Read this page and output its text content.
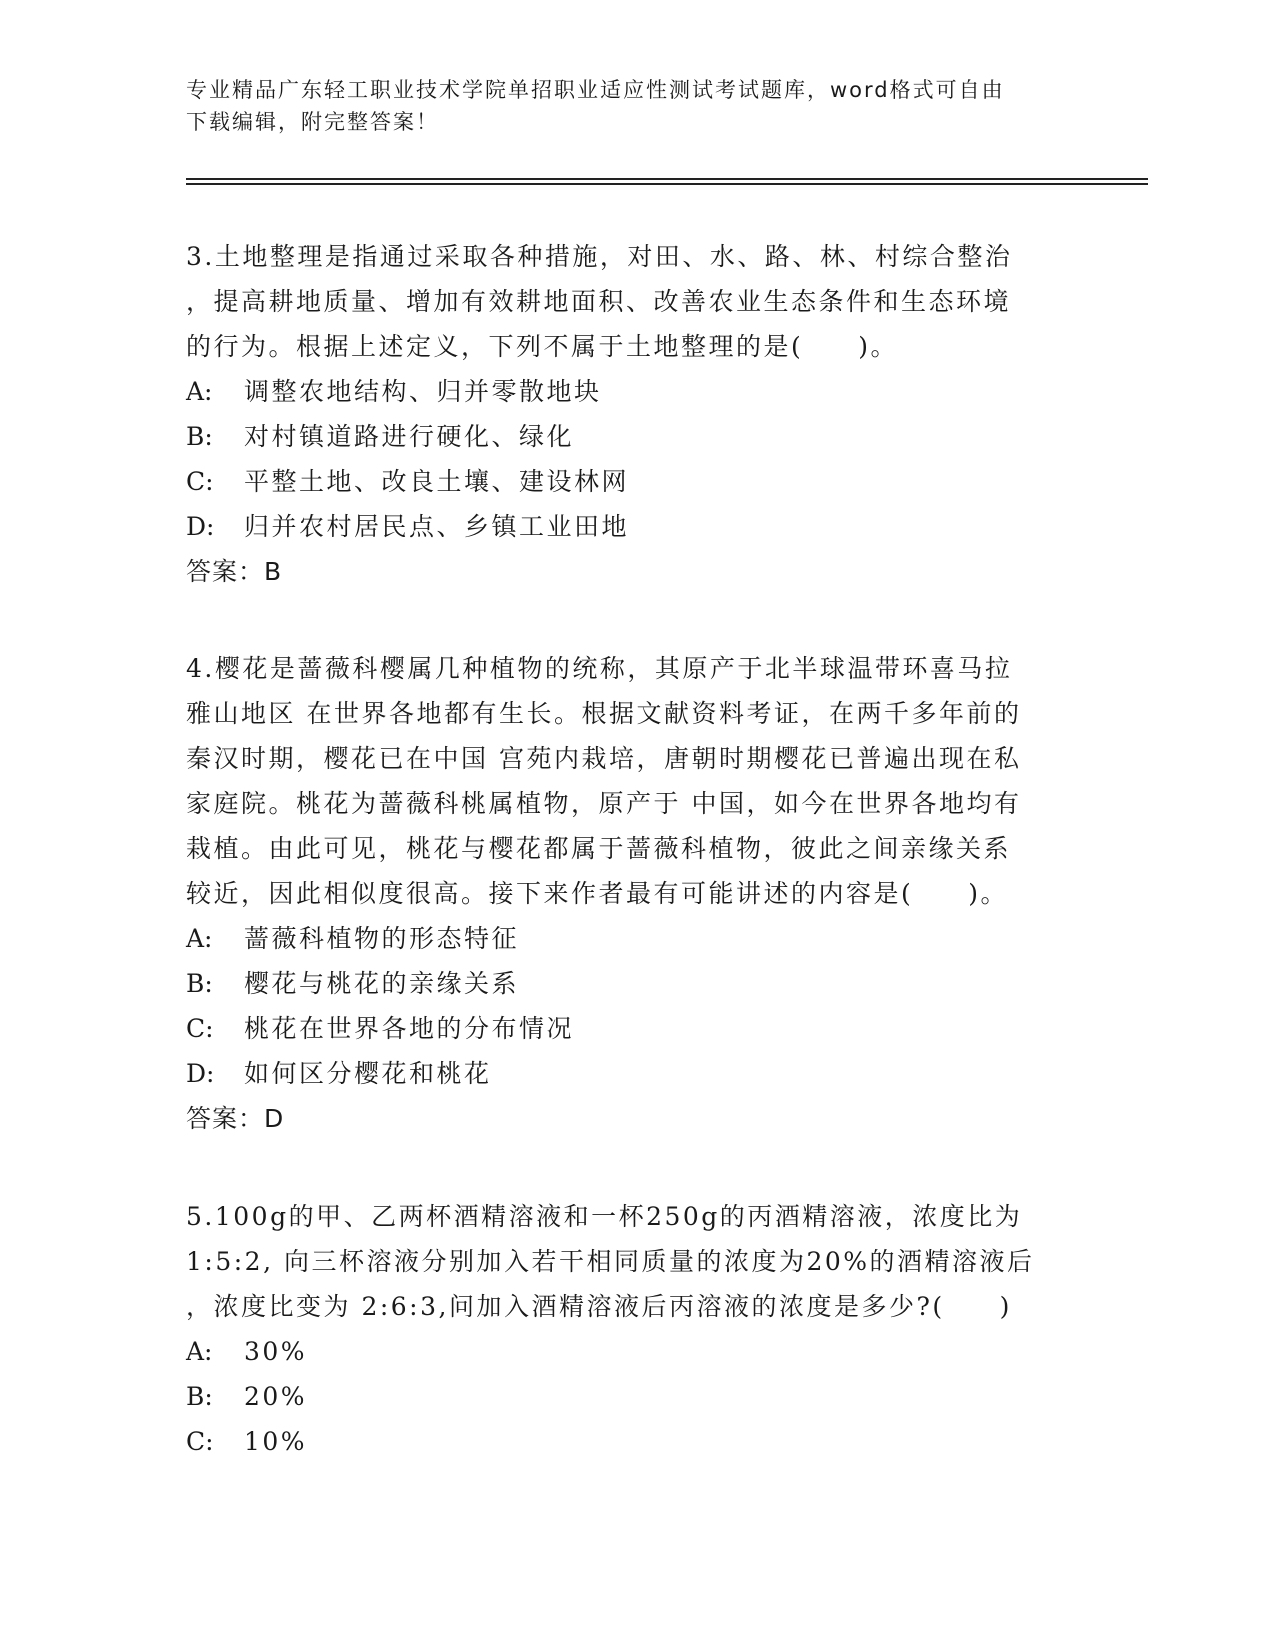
专业精品广东轻工职业技术学院单招职业适应性测试考试题库，word格式可自由
下载编辑，附完整答案！
3.土地整理是指通过采取各种措施，对田、水、路、林、村综合整治
，提高耕地质量、增加有效耕地面积、改善农业生态条件和生态环境
的行为。根据上述定义，下列不属于土地整理的是(　　)。
A: 调整农地结构、归并零散地块
B: 对村镇道路进行硬化、绿化
C: 平整土地、改良土壤、建设林网
D: 归并农村居民点、乡镇工业田地
答案：B
4.樱花是蔷薇科樱属几种植物的统称，其原产于北半球温带环喜马拉
雅山地区 在世界各地都有生长。根据文献资料考证，在两千多年前的
秦汉时期，樱花已在中国 宫苑内栽培，唐朝时期樱花已普遍出现在私
家庭院。桃花为蔷薇科桃属植物，原产于 中国，如今在世界各地均有
栽植。由此可见，桃花与樱花都属于蔷薇科植物，彼此之间亲缘关系
较近，因此相似度很高。接下来作者最有可能讲述的内容是(　　)。
A: 蔷薇科植物的形态特征
B: 樱花与桃花的亲缘关系
C: 桃花在世界各地的分布情况
D: 如何区分樱花和桃花
答案：D
5.100g的甲、乙两杯酒精溶液和一杯250g的丙酒精溶液，浓度比为
1:5:2, 向三杯溶液分别加入若干相同质量的浓度为20%的酒精溶液后
，浓度比变为 2:6:3,问加入酒精溶液后丙溶液的浓度是多少?(　　)
A: 30%
B: 20%
C: 10%
